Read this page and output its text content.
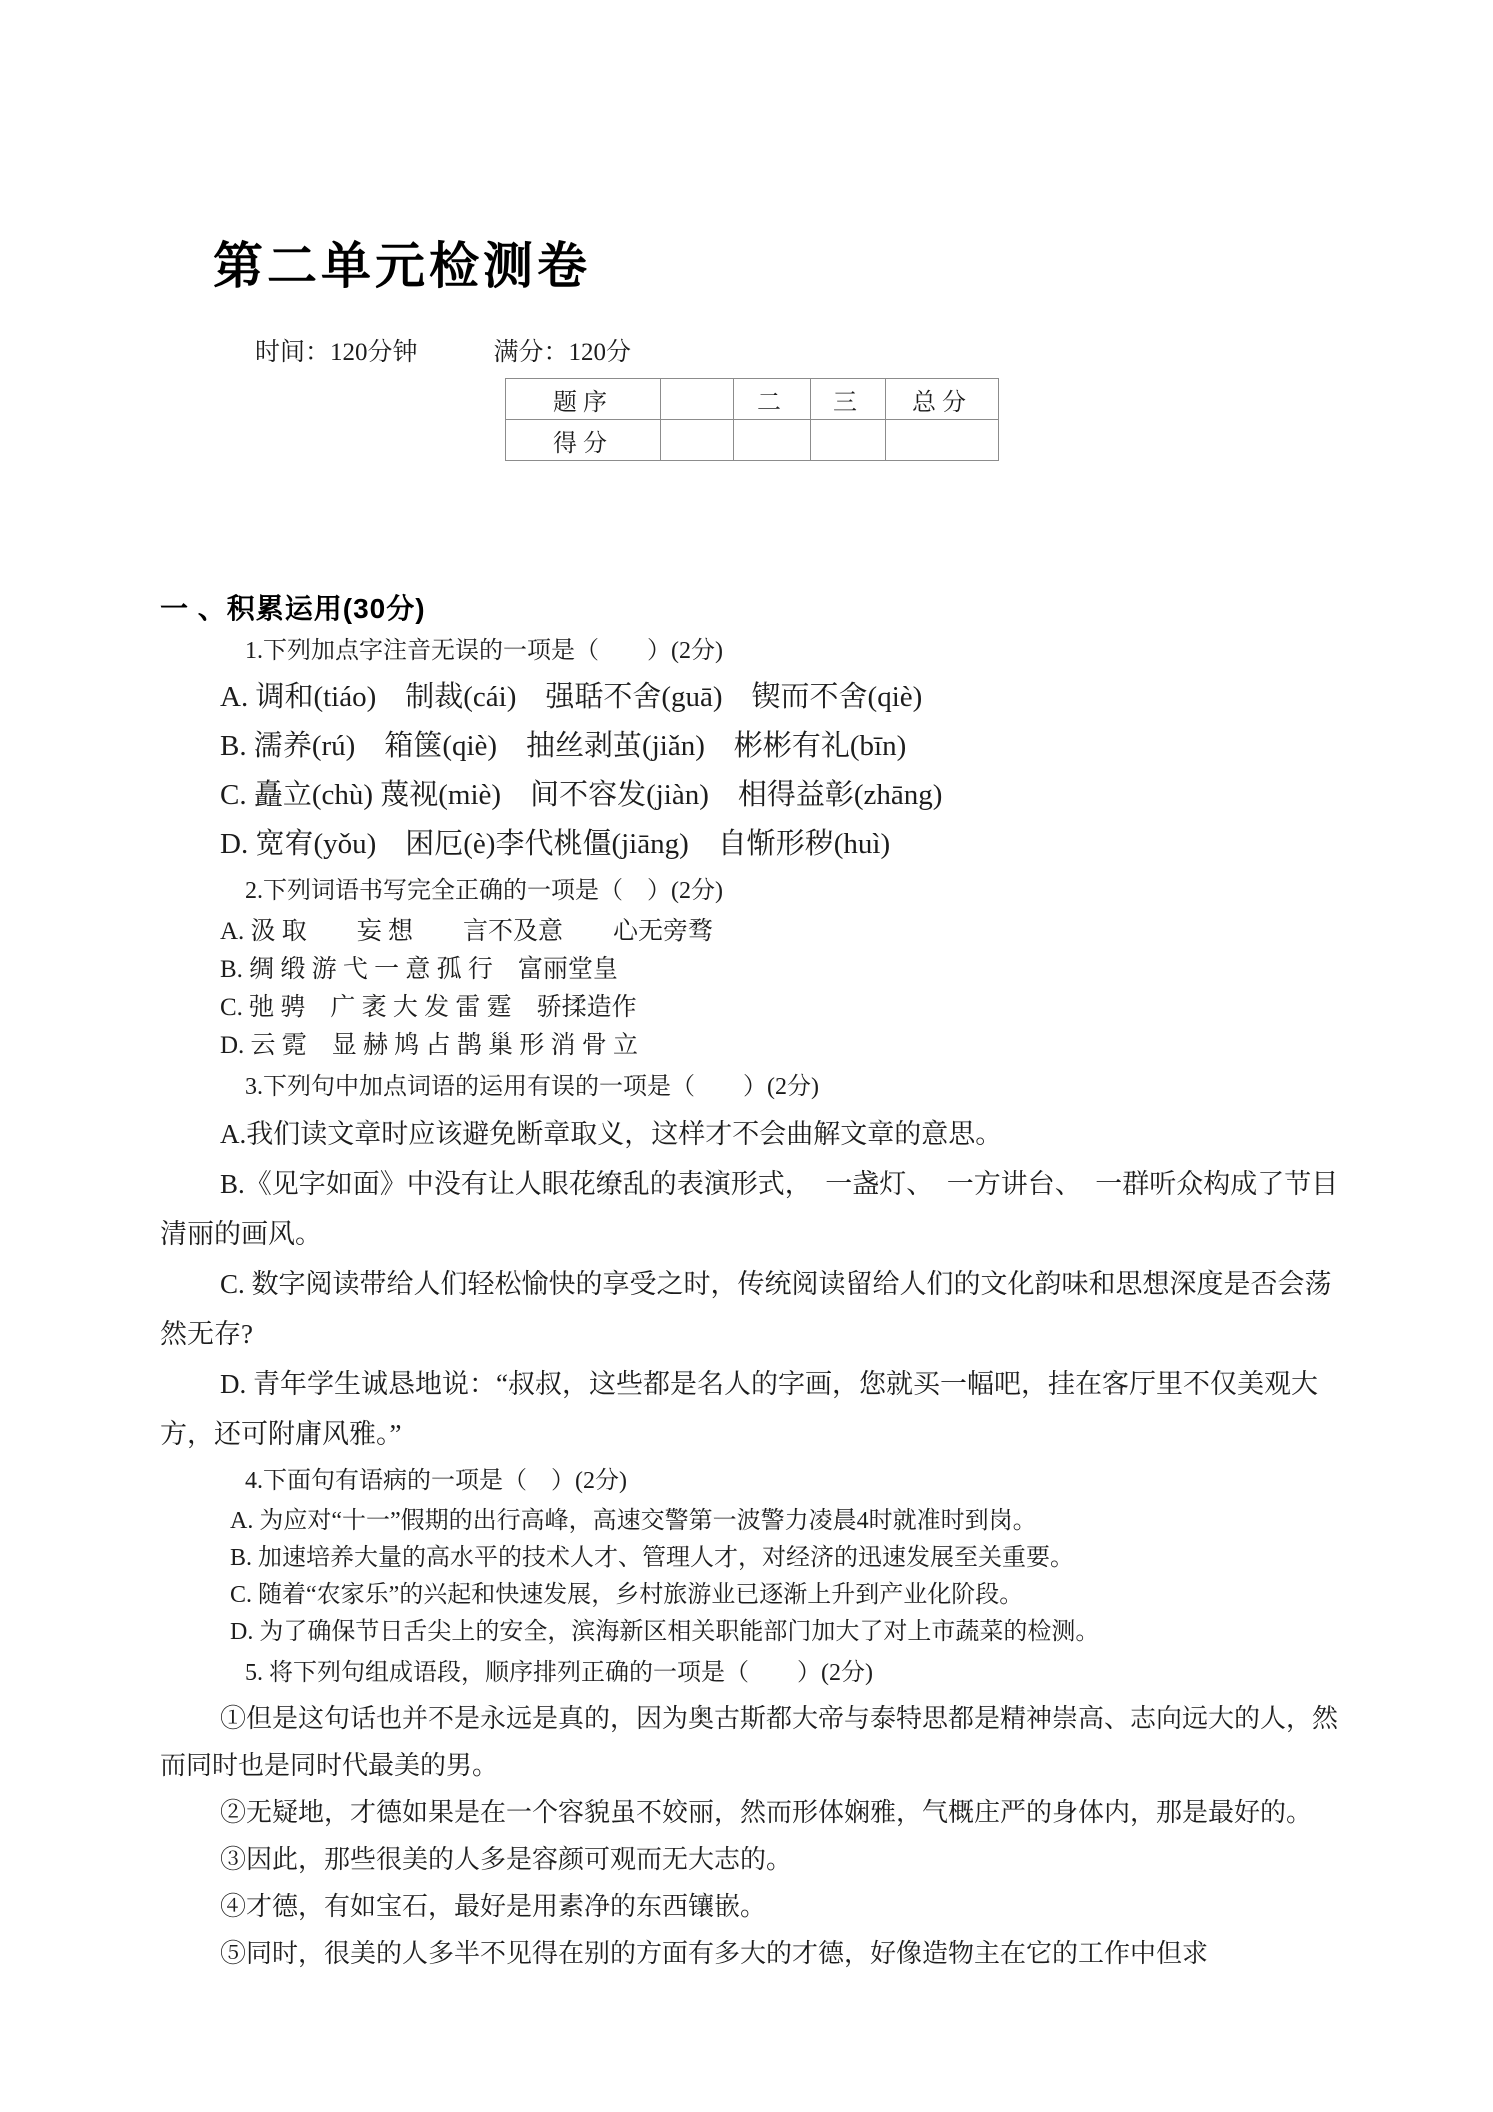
第二单元检测卷
时间：120分钟	满分：120分
题序		二	三	总分
得分				

一 、积累运用(30分)

1.下列加点字注音无误的一项是（　　）(2分)

A. 调和(tiáo)　制裁(cái)　强聒不舍(guā)　锲而不舍(qiè)

B. 濡养(rú)　箱箧(qiè)　抽丝剥茧(jiǎn)　彬彬有礼(bīn)

C. 矗立(chù) 蔑视(miè)　间不容发(jiàn)　相得益彰(zhāng)

D. 宽宥(yǒu)　困厄(è)李代桃僵(jiāng)　自惭形秽(huì)

2.下列词语书写完全正确的一项是（　）(2分)

A. 汲 取　　妄 想　　言不及意　　心无旁骛

B. 绸 缎 游 弋 一 意 孤 行　富丽堂皇

C. 弛 骋　广 袤 大 发 雷 霆　骄揉造作

D. 云 霓　显 赫 鸠 占 鹊 巢 形 消 骨 立

3.下列句中加点词语的运用有误的一项是（　　）(2分)

A.我们读文章时应该避免断章取义，这样才不会曲解文章的意思。

B.《见字如面》中没有让人眼花缭乱的表演形式，　一盏灯、　一方讲台、　一群听众构成了节目清丽的画风。

C. 数字阅读带给人们轻松愉快的享受之时，传统阅读留给人们的文化韵味和思想深度是否会荡然无存?

D. 青年学生诚恳地说：“叔叔，这些都是名人的字画，您就买一幅吧，挂在客厅里不仅美观大方，还可附庸风雅。”

4.下面句有语病的一项是（　）(2分)

A. 为应对“十一”假期的出行高峰，高速交警第一波警力凌晨4时就准时到岗。

B. 加速培养大量的高水平的技术人才、管理人才，对经济的迅速发展至关重要。

C. 随着“农家乐”的兴起和快速发展，乡村旅游业已逐渐上升到产业化阶段。

D. 为了确保节日舌尖上的安全，滨海新区相关职能部门加大了对上市蔬菜的检测。

5. 将下列句组成语段，顺序排列正确的一项是（　　）(2分)

①但是这句话也并不是永远是真的，因为奥古斯都大帝与泰特思都是精神崇高、志向远大的人，然而同时也是同时代最美的男。

②无疑地，才德如果是在一个容貌虽不姣丽，然而形体娴雅，气概庄严的身体内，那是最好的。

③因此，那些很美的人多是容颜可观而无大志的。

④才德，有如宝石，最好是用素净的东西镶嵌。

⑤同时，很美的人多半不见得在别的方面有多大的才德，好像造物主在它的工作中但求
